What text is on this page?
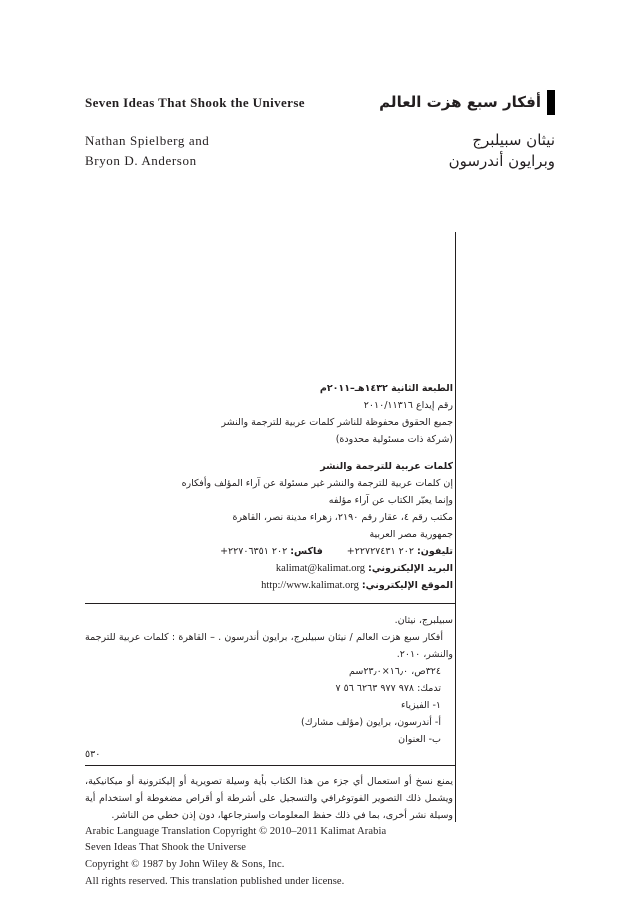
Seven Ideas That Shook the Universe	أفكار سبع هزت العالم
Nathan Spielberg and
Bryon D. Anderson
نيثان سبيلبرج
وبرايون أندرسون
الطبعة الثانية ١٤٣٢هـ–٢٠١١م
رقم إيداع ٢٠١٠/١١٣١٦
جميع الحقوق محفوظة للناشر كلمات عربية للترجمة والنشر
(شركة ذات مسئولية محدودة)
كلمات عربية للترجمة والنشر
إن كلمات عربية للترجمة والنشر غير مسئولة عن آراء المؤلف وأفكاره
وإنما يعبّر الكتاب عن آراء مؤلفه
مكتب رقم ٤، عقار رقم ٢١٩٠، زهراء مدينة نصر، القاهرة
جمهورية مصر العربية
تليفون: +٢٠٢ ٢٢٧٢٧٤٣١فاكس: +٢٠٢ ٢٢٧٠٦٣٥١
البريد الإليكتروني: kalimat@kalimat.org
الموقع الإليكتروني: http://www.kalimat.org
سبيلبرج، نيثان.
أفكار سبع هزت العالم / نيثان سبيلبرج، برايون أندرسون . – القاهرة : كلمات عربية للترجمة والنشر، ٢٠١٠.
٣٢٤ص، ١٦٫٠×٢٣٫٠سم
تدمك: ٩٧٨ ٩٧٧ ٦٢٦٣ ٥٦ ٧
١- الفيزياء
أ- أندرسون، برايون (مؤلف مشارك)
ب- العنوان
٥٣٠
يمنع نسخ أو استعمال أي جزء من هذا الكتاب بأية وسيلة تصويرية أو إليكترونية أو ميكانيكية، ويشمل ذلك التصوير الفوتوغرافي والتسجيل على أشرطة أو أقراص مضغوطة أو استخدام أية وسيلة نشر أخرى، بما في ذلك حفظ المعلومات واسترجاعها، دون إذن خطي من الناشر.
Arabic Language Translation Copyright © 2010–2011 Kalimat Arabia
Seven Ideas That Shook the Universe
Copyright © 1987 by John Wiley & Sons, Inc.
All rights reserved. This translation published under license.
